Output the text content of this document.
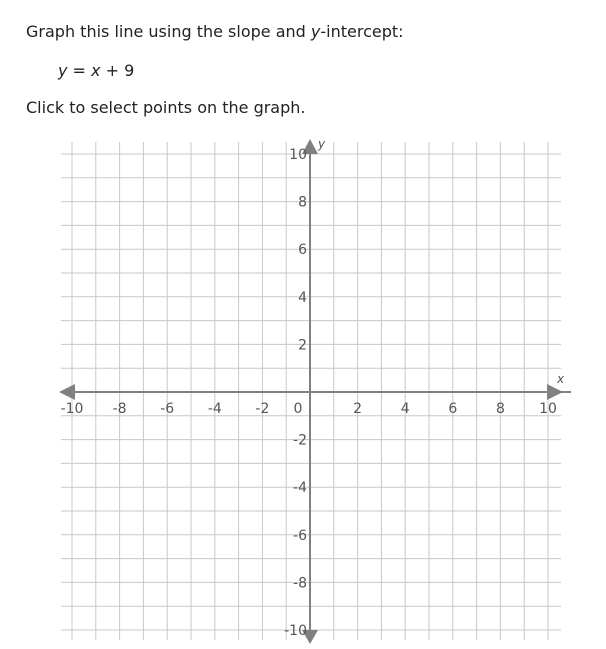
Graph this line using the slope and y-intercept:

y = x + 9

Click to select points on the graph.

x
y
-10 -8 -6 -4 -2 0	2	4	6	8 10
10
8
6
4
2
-2
-4
-6
-8
-10
